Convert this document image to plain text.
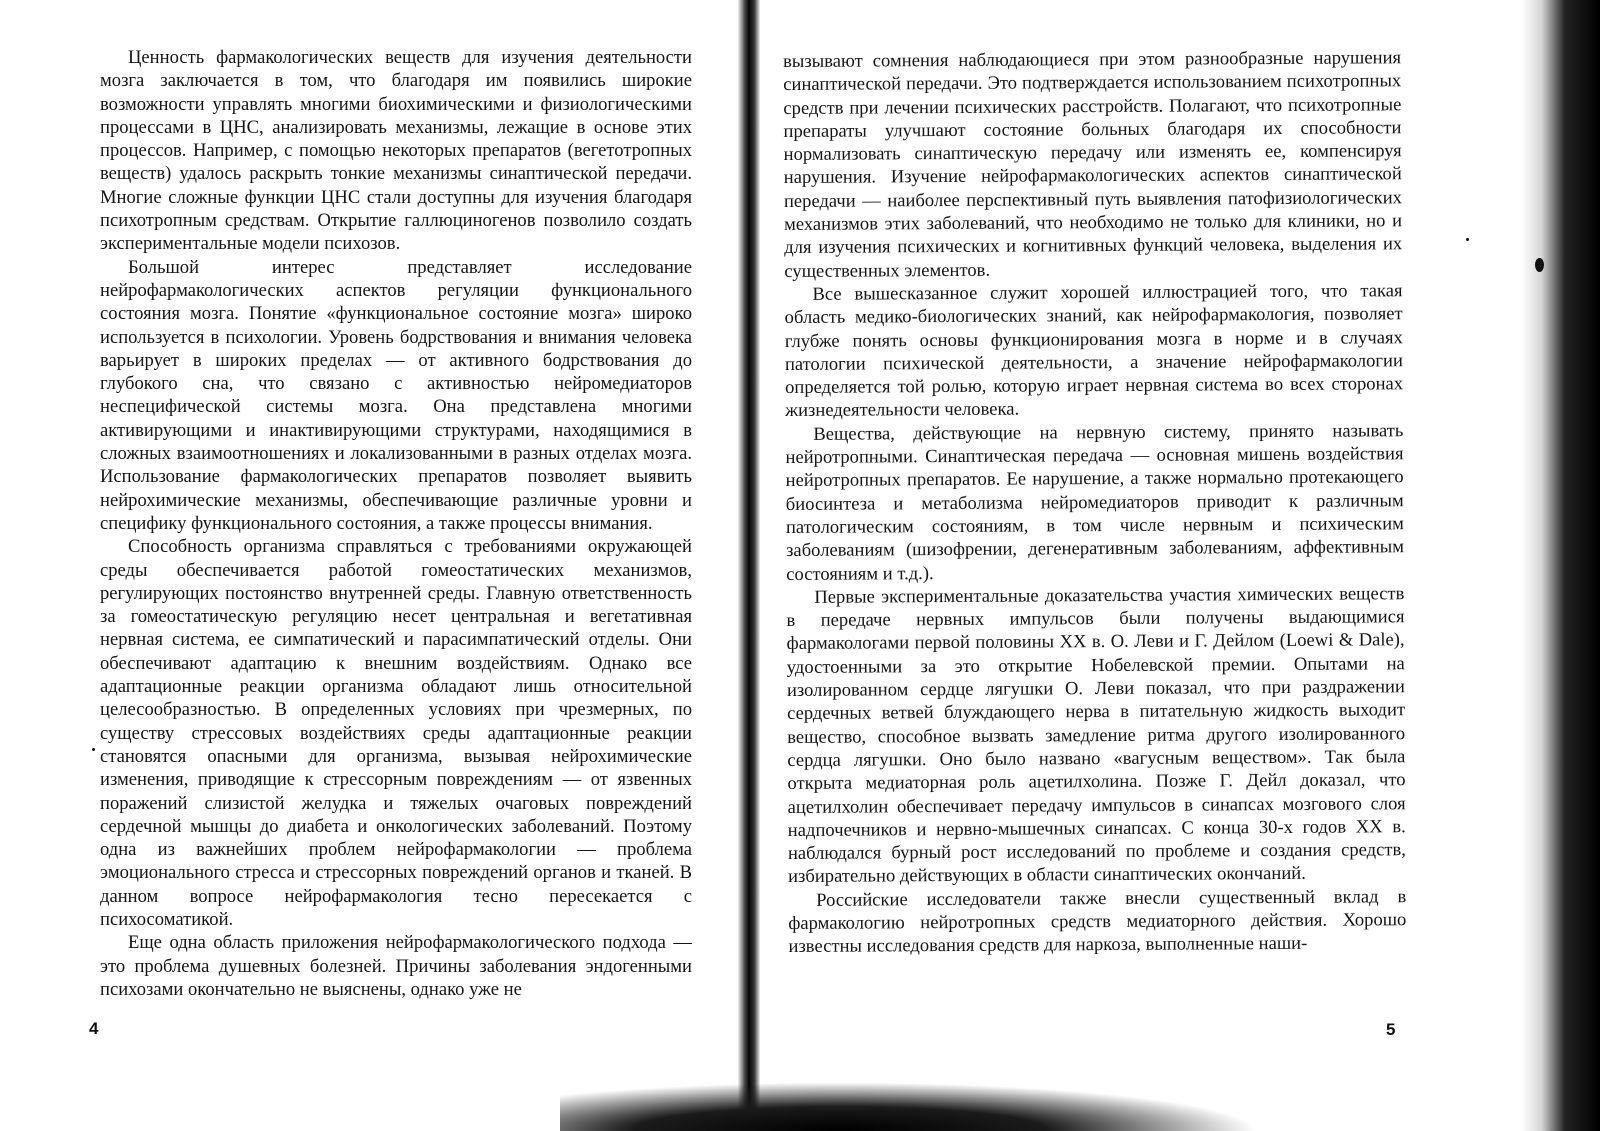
Ценность фармакологических веществ для изучения деятельности мозга заключается в том, что благодаря им появились широкие возможности управлять многими биохимическими и физиологическими процессами в ЦНС, анализировать механизмы, лежащие в основе этих процессов. Например, с помощью некоторых препаратов (вегетотропных веществ) удалось раскрыть тонкие механизмы синаптической передачи. Многие сложные функции ЦНС стали доступны для изучения благодаря психотропным средствам. Открытие галлюциногенов позволило создать экспериментальные модели психозов.

Большой интерес представляет исследование нейрофармакологических аспектов регуляции функционального состояния мозга. Понятие «функциональное состояние мозга» широко используется в психологии. Уровень бодрствования и внимания человека варьирует в широких пределах — от активного бодрствования до глубокого сна, что связано с активностью нейромедиаторов неспецифической системы мозга. Она представлена многими активирующими и инактивирующими структурами, находящимися в сложных взаимоотношениях и локализованными в разных отделах мозга. Использование фармакологических препаратов позволяет выявить нейрохимические механизмы, обеспечивающие различные уровни и специфику функционального состояния, а также процессы внимания.

Способность организма справляться с требованиями окружающей среды обеспечивается работой гомеостатических механизмов, регулирующих постоянство внутренней среды. Главную ответственность за гомеостатическую регуляцию несет центральная и вегетативная нервная система, ее симпатический и парасимпатический отделы. Они обеспечивают адаптацию к внешним воздействиям. Однако все адаптационные реакции организма обладают лишь относительной целесообразностью. В определенных условиях при чрезмерных, по существу стрессовых воздействиях среды адаптационные реакции становятся опасными для организма, вызывая нейрохимические изменения, приводящие к стрессорным повреждениям — от язвенных поражений слизистой желудка и тяжелых очаговых повреждений сердечной мышцы до диабета и онкологических заболеваний. Поэтому одна из важнейших проблем нейрофармакологии — проблема эмоционального стресса и стрессорных повреждений органов и тканей. В данном вопросе нейрофармакология тесно пересекается с психосоматикой.

Еще одна область приложения нейрофармакологического подхода — это проблема душевных болезней. Причины заболевания эндогенными психозами окончательно не выяснены, однако уже не

вызывают сомнения наблюдающиеся при этом разнообразные нарушения синаптической передачи. Это подтверждается использованием психотропных средств при лечении психических расстройств. Полагают, что психотропные препараты улучшают состояние больных благодаря их способности нормализовать синаптическую передачу или изменять ее, компенсируя нарушения. Изучение нейрофармакологических аспектов синаптической передачи — наиболее перспективный путь выявления патофизиологических механизмов этих заболеваний, что необходимо не только для клиники, но и для изучения психических и когнитивных функций человека, выделения их существенных элементов.

Все вышесказанное служит хорошей иллюстрацией того, что такая область медико-биологических знаний, как нейрофармакология, позволяет глубже понять основы функционирования мозга в норме и в случаях патологии психической деятельности, а значение нейрофармакологии определяется той ролью, которую играет нервная система во всех сторонах жизнедеятельности человека.

Вещества, действующие на нервную систему, принято называть нейротропными. Синаптическая передача — основная мишень воздействия нейротропных препаратов. Ее нарушение, а также нормально протекающего биосинтеза и метаболизма нейромедиаторов приводит к различным патологическим состояниям, в том числе нервным и психическим заболеваниям (шизофрении, дегенеративным заболеваниям, аффективным состояниям и т.д.).

Первые экспериментальные доказательства участия химических веществ в передаче нервных импульсов были получены выдающимися фармакологами первой половины XX в. О. Леви и Г. Дейлом (Loewi & Dale), удостоенными за это открытие Нобелевской премии. Опытами на изолированном сердце лягушки О. Леви показал, что при раздражении сердечных ветвей блуждающего нерва в питательную жидкость выходит вещество, способное вызвать замедление ритма другого изолированного сердца лягушки. Оно было названо «вагусным веществом». Так была открыта медиаторная роль ацетилхолина. Позже Г. Дейл доказал, что ацетилхолин обеспечивает передачу импульсов в синапсах мозгового слоя надпочечников и нервно-мышечных синапсах. С конца 30-х годов XX в. наблюдался бурный рост исследований по проблеме и создания средств, избирательно действующих в области синаптических окончаний.

Российские исследователи также внесли существенный вклад в фармакологию нейротропных средств медиаторного действия. Хорошо известны исследования средств для наркоза, выполненные наши-

4	5
